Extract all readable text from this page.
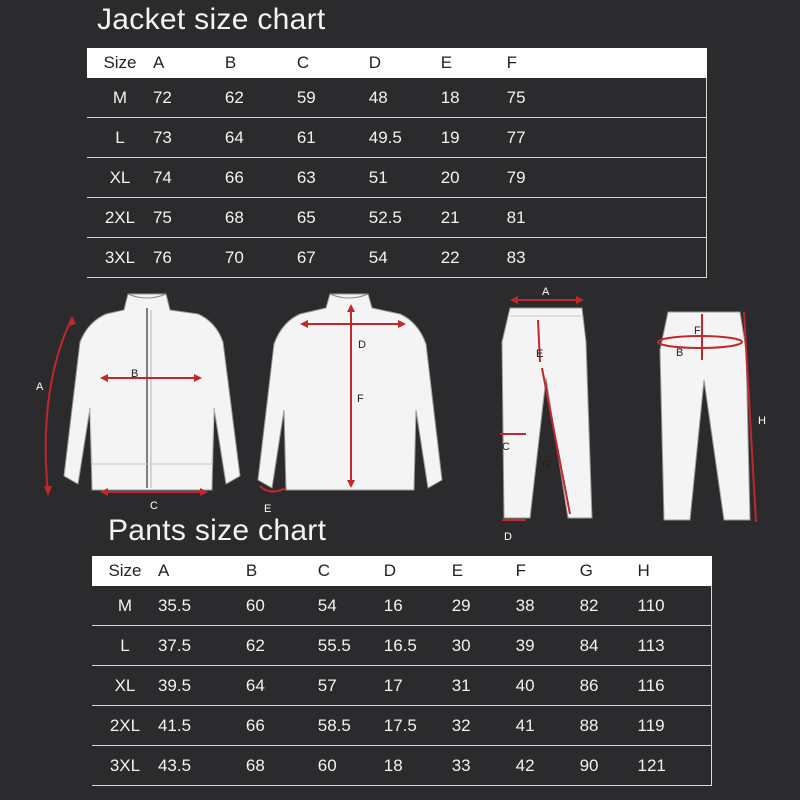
Jacket size chart
Size	A	B	C	D	E	F
M	72	62	59	48	18	75
L	73	64	61	49.5	19	77
XL	74	66	63	51	20	79
2XL	75	68	65	52.5	21	81
3XL	76	70	67	54	22	83
B
A
C
D
F
E
A
E
C
G
D
F
B
H
Pants size chart
Size	A	B	C	D	E	F	G	H
M	35.5	60	54	16	29	38	82	110
L	37.5	62	55.5	16.5	30	39	84	113
XL	39.5	64	57	17	31	40	86	116
2XL	41.5	66	58.5	17.5	32	41	88	119
3XL	43.5	68	60	18	33	42	90	121
